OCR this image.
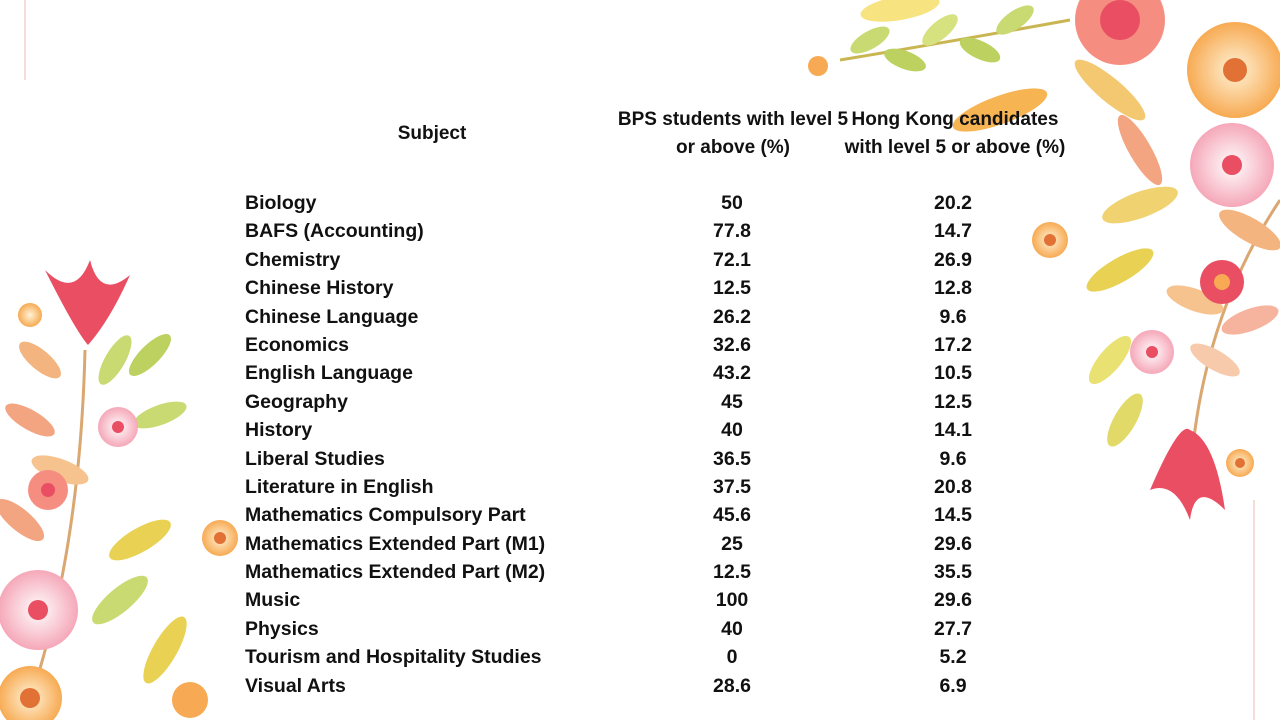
Subject
BPS students with level 5 or above (%)
Hong Kong candidates with level 5 or above (%)
Biology	50	20.2
BAFS (Accounting)	77.8	14.7
Chemistry	72.1	26.9
Chinese History	12.5	12.8
Chinese Language	26.2	9.6
Economics	32.6	17.2
English Language	43.2	10.5
Geography	45	12.5
History	40	14.1
Liberal Studies	36.5	9.6
Literature in English	37.5	20.8
Mathematics Compulsory Part	45.6	14.5
Mathematics Extended Part (M1)	25	29.6
Mathematics Extended Part (M2)	12.5	35.5
Music	100	29.6
Physics	40	27.7
Tourism and Hospitality Studies	0	5.2
Visual Arts	28.6	6.9
